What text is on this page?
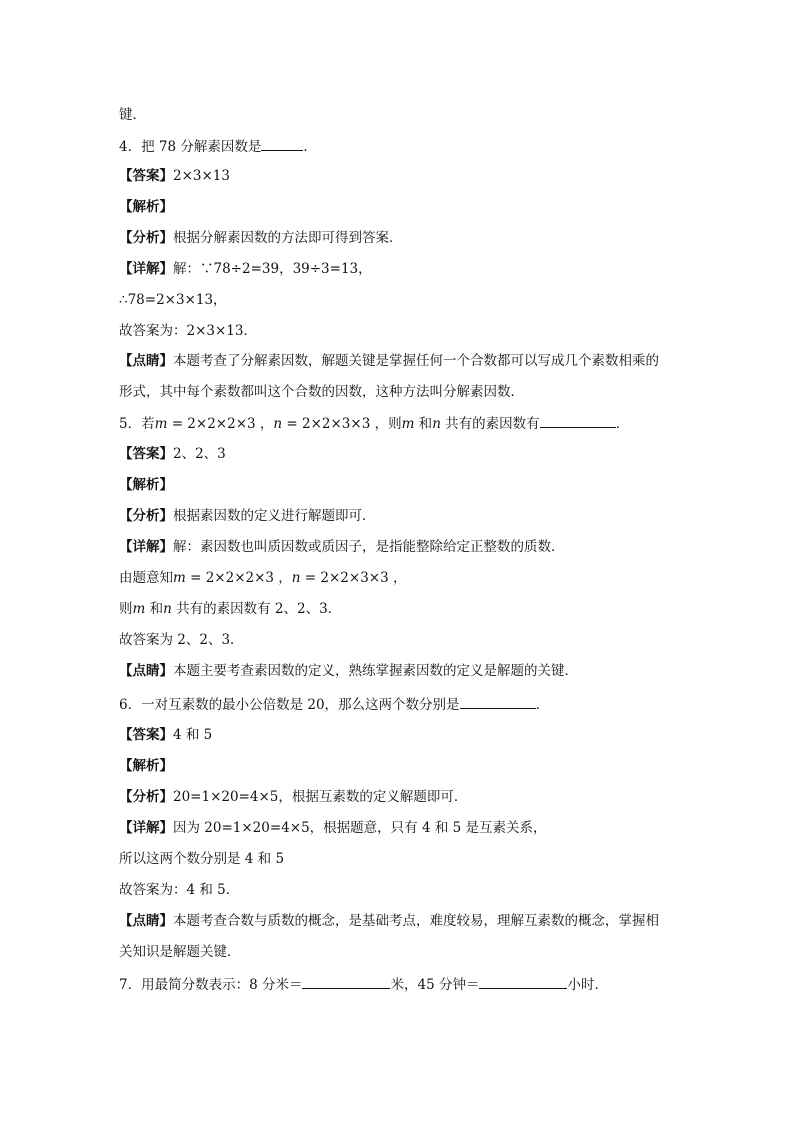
键．
4．把 78 分解素因数是	．
【答案】2×3×13
【解析】
【分析】根据分解素因数的方法即可得到答案．
【详解】解：∵78÷2=39，39÷3=13，
∴78=2×3×13，
故答案为：2×3×13．
【点睛】本题考查了分解素因数，解题关键是掌握任何一个合数都可以写成几个素数相乘的
形式，其中每个素数都叫这个合数的因数，这种方法叫分解素因数．
5．若m = 2×2×2×3 ，n = 2×2×3×3 ，则m 和n 共有的素因数有	．
【答案】2、2、3
【解析】
【分析】根据素因数的定义进行解题即可．
【详解】解：素因数也叫质因数或质因子，是指能整除给定正整数的质数．
由题意知m = 2×2×2×3 ，n = 2×2×3×3 ，
则m 和n 共有的素因数有 2、2、3．
故答案为 2、2、3．
【点睛】本题主要考查素因数的定义，熟练掌握素因数的定义是解题的关键．
6．一对互素数的最小公倍数是 20，那么这两个数分别是	．
【答案】4 和 5
【解析】
【分析】20=1×20=4×5，根据互素数的定义解题即可．
【详解】因为 20=1×20=4×5，根据题意，只有 4 和 5 是互素关系，
所以这两个数分别是 4 和 5
故答案为：4 和 5．
【点睛】本题考查合数与质数的概念，是基础考点，难度较易，理解互素数的概念，掌握相
关知识是解题关键．
7．用最简分数表示：8 分米＝	米，45 分钟＝	小时．
